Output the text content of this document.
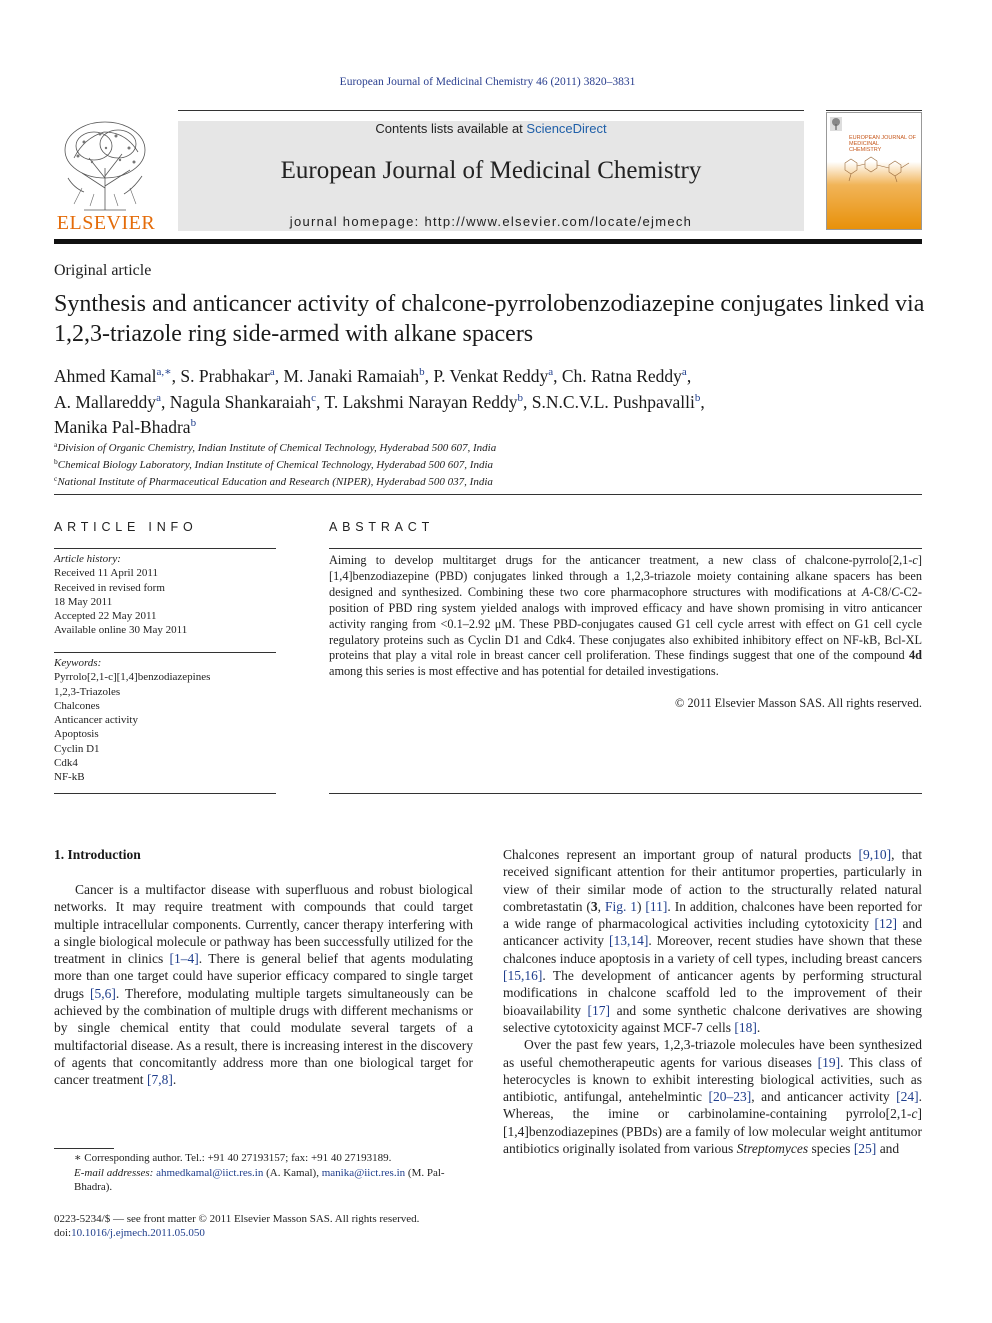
European Journal of Medicinal Chemistry 46 (2011) 3820–3831
ELSEVIER
Contents lists available at ScienceDirect
European Journal of Medicinal Chemistry
journal homepage: http://www.elsevier.com/locate/ejmech
EUROPEAN JOURNAL OF
MEDICINAL
CHEMISTRY
Original article
Synthesis and anticancer activity of chalcone-pyrrolobenzodiazepine conjugates linked via 1,2,3-triazole ring side-armed with alkane spacers
Ahmed Kamal$^{a,∗}$, S. Prabhakar$^a$, M. Janaki Ramaiah$^b$, P. Venkat Reddy$^a$, Ch. Ratna Reddy$^a$,
A. Mallareddy$^a$, Nagula Shankaraiah$^c$, T. Lakshmi Narayan Reddy$^b$, S.N.C.V.L. Pushpavalli$^b$,
Manika Pal-Bhadra$^b$
$^a$Division of Organic Chemistry, Indian Institute of Chemical Technology, Hyderabad 500 607, India
$^b$Chemical Biology Laboratory, Indian Institute of Chemical Technology, Hyderabad 500 607, India
$^c$National Institute of Pharmaceutical Education and Research (NIPER), Hyderabad 500 037, India
ARTICLE INFO	ABSTRACT
Article history:
Received 11 April 2011
Received in revised form
18 May 2011
Accepted 22 May 2011
Available online 30 May 2011
Keywords:
Pyrrolo[2,1-c][1,4]benzodiazepines
1,2,3-Triazoles
Chalcones
Anticancer activity
Apoptosis
Cyclin D1
Cdk4
NF-kB
Aiming to develop multitarget drugs for the anticancer treatment, a new class of chalcone-pyrrolo[2,1-c][1,4]benzodiazepine (PBD) conjugates linked through a 1,2,3-triazole moiety containing alkane spacers has been designed and synthesized. Combining these two core pharmacophore structures with modifications at A-C8/C-C2-position of PBD ring system yielded analogs with improved efficacy and have shown promising in vitro anticancer activity ranging from <0.1–2.92 μM. These PBD-conjugates caused G1 cell cycle arrest with effect on G1 cell cycle regulatory proteins such as Cyclin D1 and Cdk4. These conjugates also exhibited inhibitory effect on NF-kB, Bcl-XL proteins that play a vital role in breast cancer cell proliferation. These findings suggest that one of the compound 4d among this series is most effective and has potential for detailed investigations.
© 2011 Elsevier Masson SAS. All rights reserved.
1. Introduction

Cancer is a multifactor disease with superfluous and robust biological networks. It may require treatment with compounds that could target multiple intracellular components. Currently, cancer therapy interfering with a single biological molecule or pathway has been successfully utilized for the treatment in clinics [1–4]. There is general belief that agents modulating more than one target could have superior efficacy compared to single target drugs [5,6]. Therefore, modulating multiple targets simultaneously can be achieved by the combination of multiple drugs with different mechanisms or by single chemical entity that could modulate several targets of a multifactorial disease. As a result, there is increasing interest in the discovery of agents that concomitantly address more than one biological target for cancer treatment [7,8].

Chalcones represent an important group of natural products [9,10], that received significant attention for their antitumor properties, particularly in view of their similar mode of action to the structurally related natural combretastatin (3, Fig. 1) [11]. In addition, chalcones have been reported for a wide range of pharmacological activities including cytotoxicity [12] and anticancer activity [13,14]. Moreover, recent studies have shown that these chalcones induce apoptosis in a variety of cell types, including breast cancers [15,16]. The development of anticancer agents by performing structural modifications in chalcone scaffold led to the improvement of their bioavailability [17] and some synthetic chalcone derivatives are showing selective cytotoxicity against MCF-7 cells [18].

Over the past few years, 1,2,3-triazole molecules have been synthesized as useful chemotherapeutic agents for various diseases [19]. This class of heterocycles is known to exhibit interesting biological activities, such as antibiotic, antifungal, antehelmintic [20–23], and anticancer activity [24]. Whereas, the imine or carbinolamine-containing pyrrolo[2,1-c][1,4]benzodiazepines (PBDs) are a family of low molecular weight antitumor antibiotics originally isolated from various Streptomyces species [25] and

∗ Corresponding author. Tel.: +91 40 27193157; fax: +91 40 27193189.
E-mail addresses: ahmedkamal@iict.res.in (A. Kamal), manika@iict.res.in (M. Pal-Bhadra).
0223-5234/$ — see front matter © 2011 Elsevier Masson SAS. All rights reserved.
doi:10.1016/j.ejmech.2011.05.050
